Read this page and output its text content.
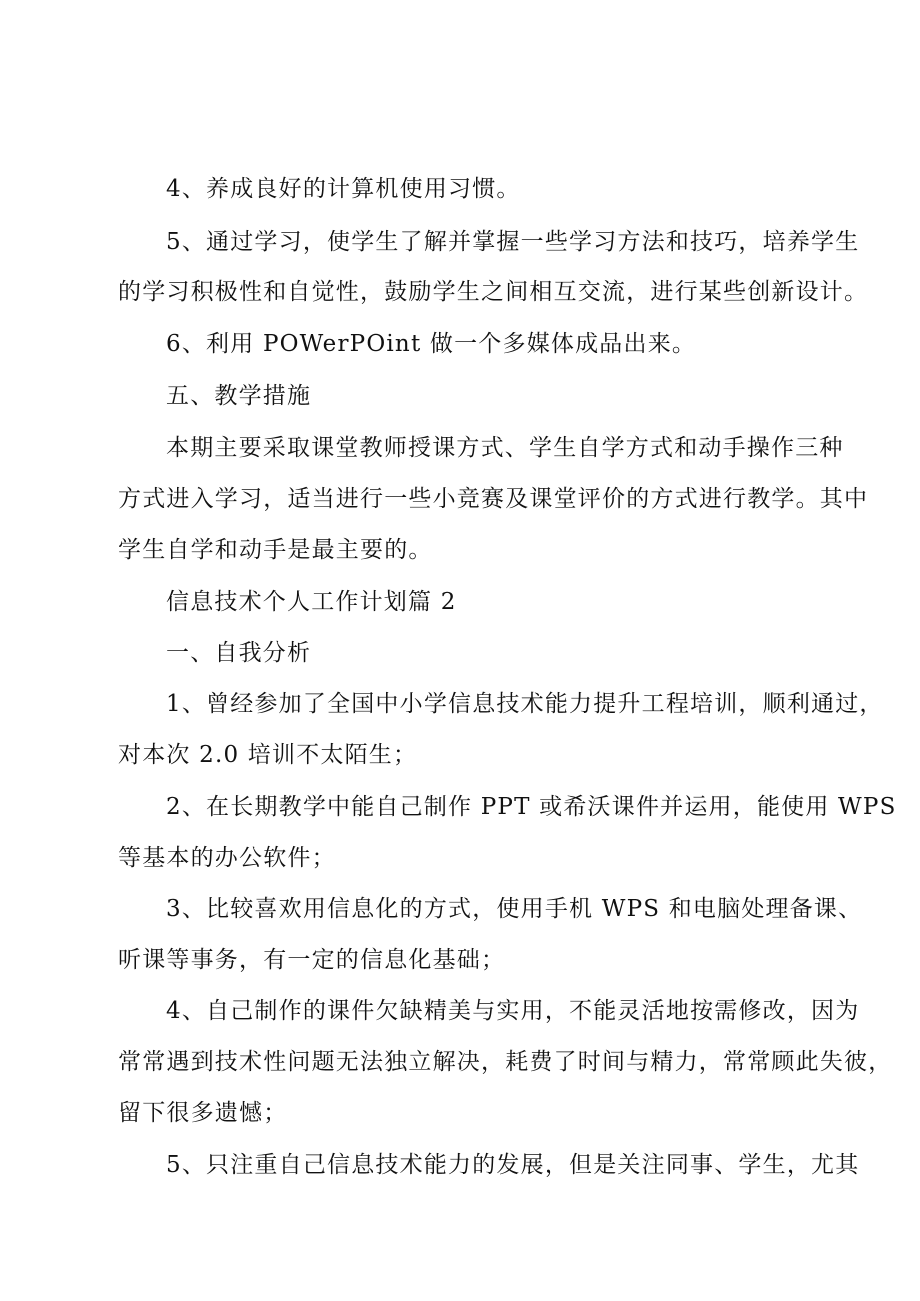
4、养成良好的计算机使用习惯。
5、通过学习，使学生了解并掌握一些学习方法和技巧，培养学生
的学习积极性和自觉性，鼓励学生之间相互交流，进行某些创新设计。
6、利用 POWerPOint 做一个多媒体成品出来。
五、教学措施
本期主要采取课堂教师授课方式、学生自学方式和动手操作三种
方式进入学习，适当进行一些小竞赛及课堂评价的方式进行教学。其中
学生自学和动手是最主要的。
信息技术个人工作计划篇 2
一、自我分析
1、曾经参加了全国中小学信息技术能力提升工程培训，顺利通过，
对本次 2.0 培训不太陌生；
2、在长期教学中能自己制作 PPT 或希沃课件并运用，能使用 WPS
等基本的办公软件；
3、比较喜欢用信息化的方式，使用手机 WPS 和电脑处理备课、
听课等事务，有一定的信息化基础；
4、自己制作的课件欠缺精美与实用，不能灵活地按需修改，因为
常常遇到技术性问题无法独立解决，耗费了时间与精力，常常顾此失彼，
留下很多遗憾；
5、只注重自己信息技术能力的发展，但是关注同事、学生，尤其
